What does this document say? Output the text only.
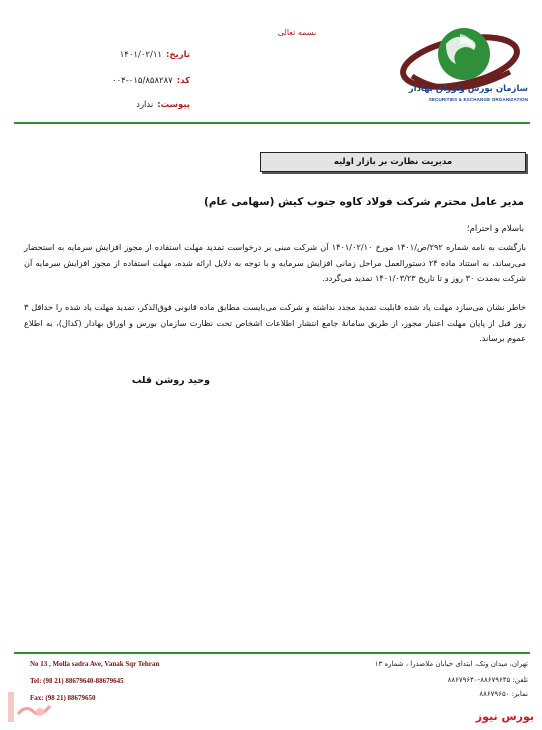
بسمه تعالی
سازمان بورس واوراق بهادار
SECURITIES & EXCHANGE ORGANIZATION
تاریخ:۱۴۰۱/۰۲/۱۱
کد:۰۱۵/۸۵۸۲۸۷-۰۰۴
پیوست:ندارد
مدیریت نظارت بر بازار اولیه
مدیر عامل محترم شرکت فولاد کاوه جنوب کیش (سهامی عام)
باسلام و احترام؛
بازگشت به نامه شماره ۲۹۲/ص/۱۴۰۱ مورخ ۱۴۰۱/۰۲/۱۰ آن شرکت مبنی بر درخواست تمدید مهلت استفاده از مجوز افزایش سرمایه به استحضار می‌رساند، به استناد ماده ۲۴ دستورالعمل مراحل زمانی افزایش سرمایه و با توجه به دلایل ارائه شده، مهلت استفاده از مجوز افزایش سرمایه آن شرکت به‌مدت ۳۰ روز و تا تاریخ ۱۴۰۱/۰۳/۲۳ تمدید می‌گردد.
خاطر نشان می‌سازد مهلت یاد شده قابلیت تمدید مجدد نداشته و شرکت می‌بایست مطابق ماده قانونی فوق‌الذکر، تمدید مهلت یاد شده را حداقل ۳ روز قبل از پایان مهلت اعتبار مجوز، از طریق سامانهٔ جامع انتشار اطلاعات اشخاص تحت نظارت سازمان بورس و اوراق بهادار (کدال)، به اطلاع عموم برساند.
وحید روشن قلب
No 13 , Molla sadra Ave, Vanak Sqr Tehran
Tel: (98 21) 88679640-88679645
Fax: (98 21) 88679650
تهران، میدان ونک، ابتدای خیابان ملاصدرا ، شماره ۱۳
تلفن: ۸۸۶۷۹۶۴۵-۸۸۶۷۹۶۴۰
نمابر: ۸۸۶۷۹۶۵۰
بورس نیوز
